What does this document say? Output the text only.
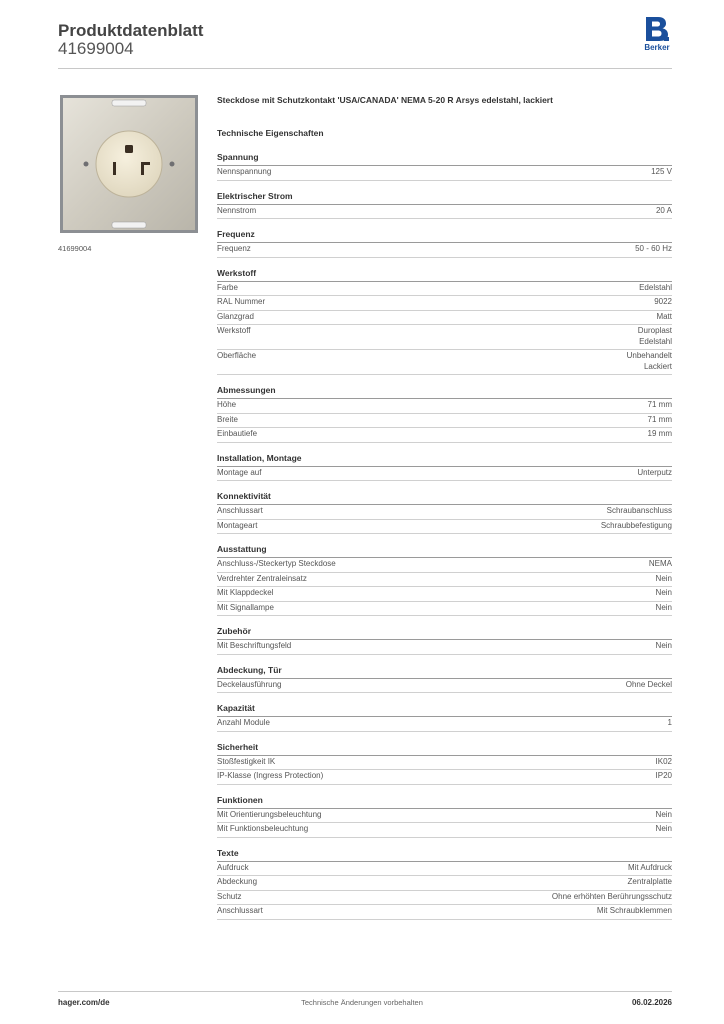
Produktdatenblatt
41699004	Berker
41699004
Steckdose mit Schutzkontakt 'USA/CANADA' NEMA 5-20 R Arsys edelstahl, lackiert
Technische Eigenschaften
Spannung
Nennspannung	125 V
Elektrischer Strom
Nennstrom	20 A
Frequenz
Frequenz	50 - 60 Hz
Werkstoff
Farbe	Edelstahl
RAL Nummer	9022
Glanzgrad	Matt
Werkstoff	Duroplast
Edelstahl
Oberfläche	Unbehandelt
Lackiert
Abmessungen
Höhe	71 mm
Breite	71 mm
Einbautiefe	19 mm
Installation, Montage
Montage auf	Unterputz
Konnektivität
Anschlussart	Schraubanschluss
Montageart	Schraubbefestigung
Ausstattung
Anschluss-/Steckertyp Steckdose	NEMA
Verdrehter Zentraleinsatz	Nein
Mit Klappdeckel	Nein
Mit Signallampe	Nein
Zubehör
Mit Beschriftungsfeld	Nein
Abdeckung, Tür
Deckelausführung	Ohne Deckel
Kapazität
Anzahl Module	1
Sicherheit
Stoßfestigkeit IK	IK02
IP-Klasse (Ingress Protection)	IP20
Funktionen
Mit Orientierungsbeleuchtung	Nein
Mit Funktionsbeleuchtung	Nein
Texte
Aufdruck	Mit Aufdruck
Abdeckung	Zentralplatte
Schutz	Ohne erhöhten Berührungsschutz
Anschlussart	Mit Schraubklemmen
hager.com/de	Technische Änderungen vorbehalten	06.02.2026
